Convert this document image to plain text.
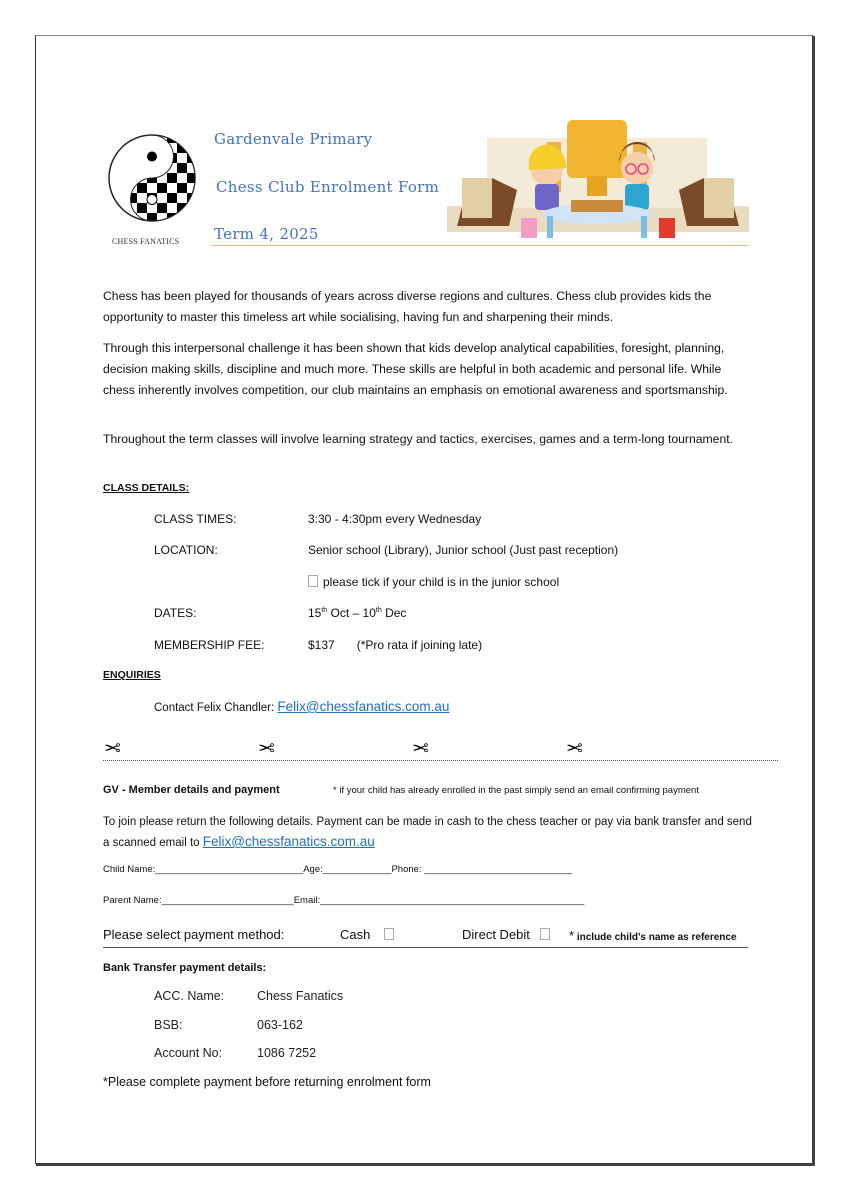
CHESS FANATICS
Gardenvale Primary
Chess Club Enrolment Form
Term 4, 2025
Chess has been played for thousands of years across diverse regions and cultures. Chess club provides kids the opportunity to master this timeless art while socialising, having fun and sharpening their minds.
Through this interpersonal challenge it has been shown that kids develop analytical capabilities, foresight, planning, decision making skills, discipline and much more. These skills are helpful in both academic and personal life. While chess inherently involves competition, our club maintains an emphasis on emotional awareness and sportsmanship.
Throughout the term classes will involve learning strategy and tactics, exercises, games and a term-long tournament.
CLASS DETAILS:
CLASS TIMES:	3:30 - 4:30pm every Wednesday
LOCATION:	Senior school (Library), Junior school (Just past reception)
please tick if your child is in the junior school
DATES:	15th Oct – 10th Dec
MEMBERSHIP FEE:	$137 (*Pro rata if joining late)
ENQUIRIES
Contact Felix Chandler: Felix@chessfanatics.com.au
✂	✂	✂	✂
GV - Member details and payment	* if your child has already enrolled in the past simply send an email confirming payment
To join please return the following details. Payment can be made in cash to the chess teacher or pay via bank transfer and send a scanned email to Felix@chessfanatics.com.au
Child Name:____________________________Age:_____________Phone: ____________________________
Parent Name:_________________________Email:__________________________________________________
Please select payment method:	Cash	Direct Debit	* include child’s name as reference
Bank Transfer payment details:
ACC. Name:	Chess Fanatics
BSB:	063-162
Account No:	1086 7252
*Please complete payment before returning enrolment form
